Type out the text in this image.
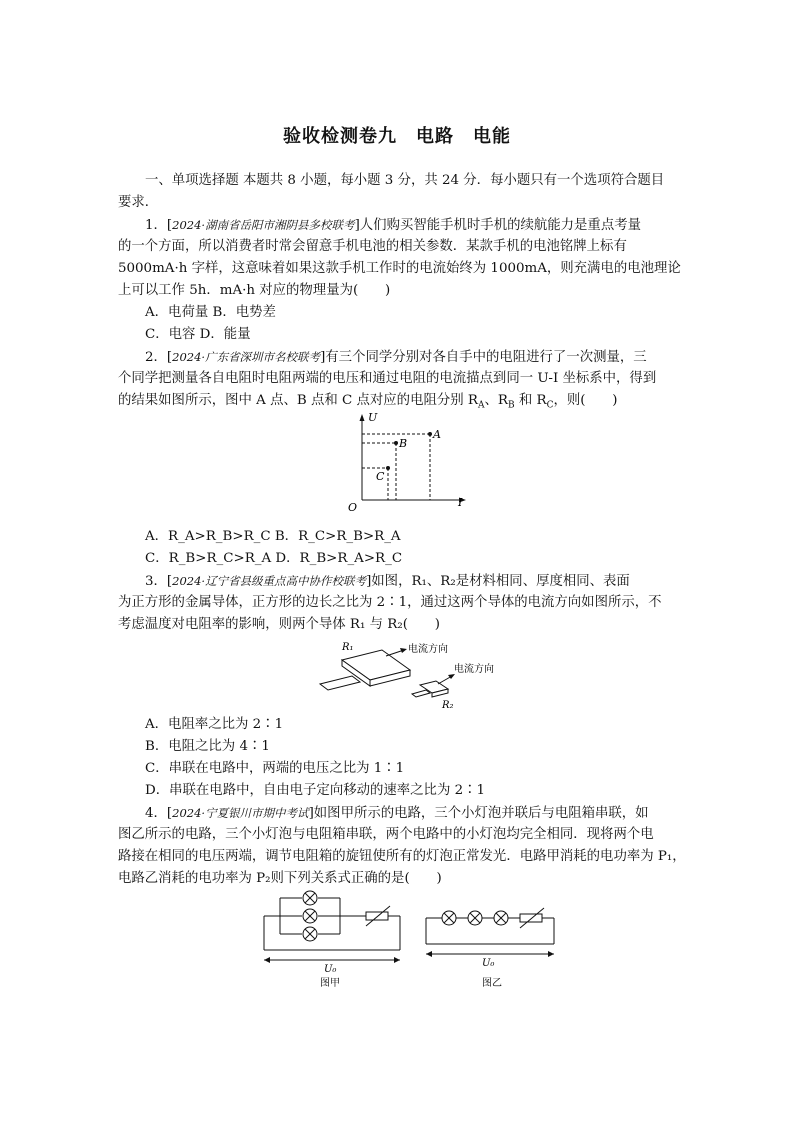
验收检测卷九　电路　电能
一、单项选择题 本题共 8 小题，每小题 3 分，共 24 分．每小题只有一个选项符合题目
要求．
1．[2024·湖南省岳阳市湘阴县多校联考]人们购买智能手机时手机的续航能力是重点考量
的一个方面，所以消费者时常会留意手机电池的相关参数．某款手机的电池铭牌上标有
5000mA·h 字样，这意味着如果这款手机工作时的电流始终为 1000mA，则充满电的电池理论
上可以工作 5h．mA·h 对应的物理量为(　　)
A．电荷量 B．电势差
C．电容 D．能量
2．[2024·广东省深圳市名校联考]有三个同学分别对各自手中的电阻进行了一次测量，三
个同学把测量各自电阻时电阻两端的电压和通过电阻的电流描点到同一 U-I 坐标系中，得到
的结果如图所示，图中 A 点、B 点和 C 点对应的电阻分别 $R_A$、$R_B$ 和 $R_C$，则(　　)
U
I
O
A
B
C
A．R_A>R_B>R_C B．R_C>R_B>R_A
C．R_B>R_C>R_A D．R_B>R_A>R_C
3．[2024·辽宁省县级重点高中协作校联考]如图，R₁、R₂是材料相同、厚度相同、表面
为正方形的金属导体，正方形的边长之比为 2∶1，通过这两个导体的电流方向如图所示，不
考虑温度对电阻率的影响，则两个导体 R₁ 与 R₂(　　)
R₁	电流方向
电流方向
R₂
A．电阻率之比为 2∶1
B．电阻之比为 4∶1
C．串联在电路中，两端的电压之比为 1∶1
D．串联在电路中，自由电子定向移动的速率之比为 2∶1
4．[2024·宁夏银川市期中考试]如图甲所示的电路，三个小灯泡并联后与电阻箱串联，如
图乙所示的电路，三个小灯泡与电阻箱串联，两个电路中的小灯泡均完全相同．现将两个电
路接在相同的电压两端，调节电阻箱的旋钮使所有的灯泡正常发光．电路甲消耗的电功率为 P₁，
电路乙消耗的电功率为 P₂则下列关系式正确的是(　　)
U₀
图甲
U₀
图乙
